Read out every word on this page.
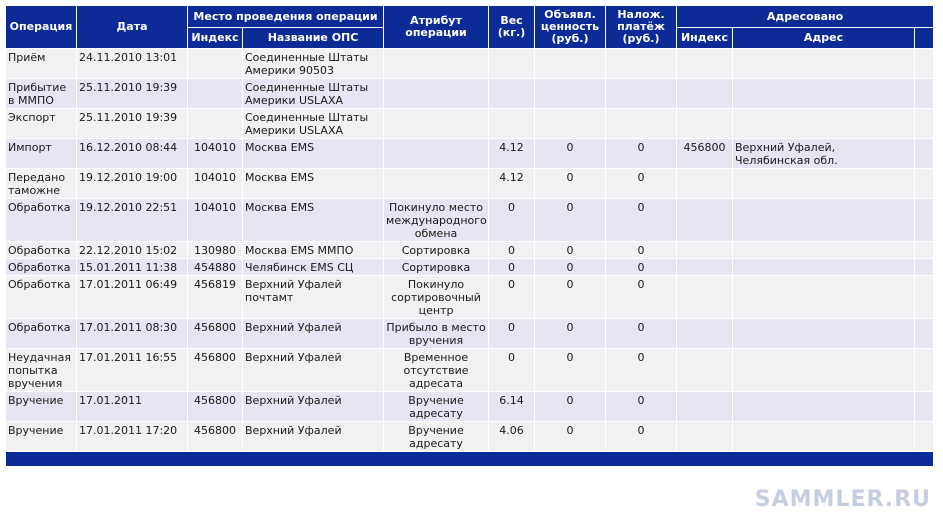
Операция	Дата	Место проведения операции		Атрибут операции	Вес (кг.)	Объявл. ценность (руб.)	Налож. платёж (руб.)	Адресовано		
		Индекс	Название ОПС					Индекс	Адрес	
Приём	24.11.2010 13:01		Соединенные Штаты Америки 90503							
Прибытие в ММПО	25.11.2010 19:39		Соединенные Штаты Америки USLAXA							
Экспорт	25.11.2010 19:39		Соединенные Штаты Америки USLAXA							
Импорт	16.12.2010 08:44	104010	Москва EMS		4.12	0	0	456800	Верхний Уфалей, Челябинская обл.	
Передано таможне	19.12.2010 19:00	104010	Москва EMS		4.12	0	0			
Обработка	19.12.2010 22:51	104010	Москва EMS	Покинуло место международного обмена	0	0	0			
Обработка	22.12.2010 15:02	130980	Москва EMS ММПО	Сортировка	0	0	0			
Обработка	15.01.2011 11:38	454880	Челябинск EMS СЦ	Сортировка	0	0	0			
Обработка	17.01.2011 06:49	456819	Верхний Уфалей почтамт	Покинуло сортировочный центр	0	0	0			
Обработка	17.01.2011 08:30	456800	Верхний Уфалей	Прибыло в место вручения	0	0	0			
Неудачная попытка вручения	17.01.2011 16:55	456800	Верхний Уфалей	Временное отсутствие адресата	0	0	0			
Вручение	17.01.2011	456800	Верхний Уфалей	Вручение адресату	6.14	0	0			
Вручение	17.01.2011 17:20	456800	Верхний Уфалей	Вручение адресату	4.06	0	0			

SAMMLER.RU
